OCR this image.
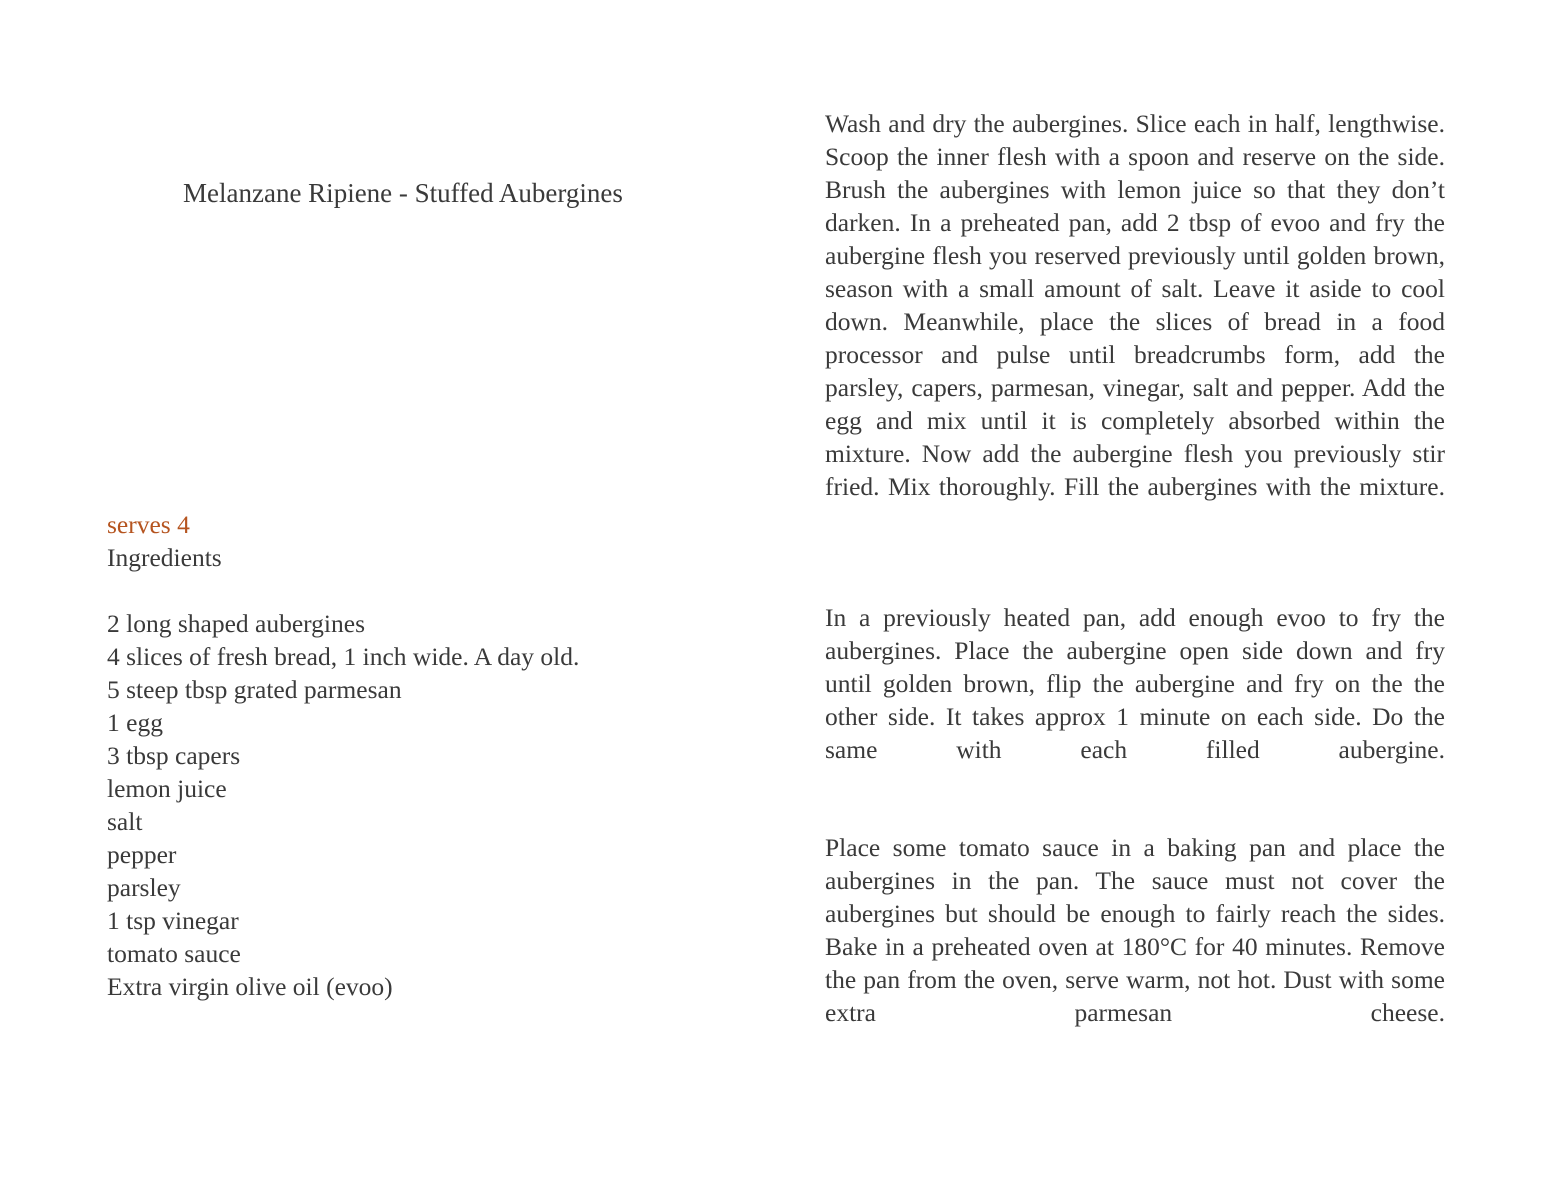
Melanzane Ripiene - Stuffed Aubergines
serves 4
Ingredients
2 long shaped aubergines
4 slices of fresh bread, 1 inch wide. A day old.
5 steep tbsp grated parmesan
1 egg
3 tbsp capers
lemon juice
salt
pepper
parsley
1 tsp vinegar
tomato sauce
Extra virgin olive oil (evoo)

Wash and dry the aubergines. Slice each in half, lengthwise. Scoop the inner flesh with a spoon and reserve on the side. Brush the aubergines with lemon juice so that they don’t darken. In a preheated pan, add 2 tbsp of evoo and fry the aubergine flesh you reserved previously until golden brown, season with a small amount of salt. Leave it aside to cool down. Meanwhile, place the slices of bread in a food processor and pulse until breadcrumbs form, add the parsley, capers, parmesan, vinegar, salt and pepper. Add the egg and mix until it is completely absorbed within the mixture. Now add the aubergine flesh you previously stir fried. Mix thoroughly. Fill the aubergines with the mixture.

In a previously heated pan, add enough evoo to fry the aubergines. Place the aubergine open side down and fry until golden brown, flip the aubergine and fry on the the other side. It takes approx 1 minute on each side. Do the same with each filled aubergine.

Place some tomato sauce in a baking pan and place the aubergines in the pan. The sauce must not cover the aubergines but should be enough to fairly reach the sides. Bake in a preheated oven at 180°C for 40 minutes. Remove the pan from the oven, serve warm, not hot. Dust with some extra parmesan cheese.
